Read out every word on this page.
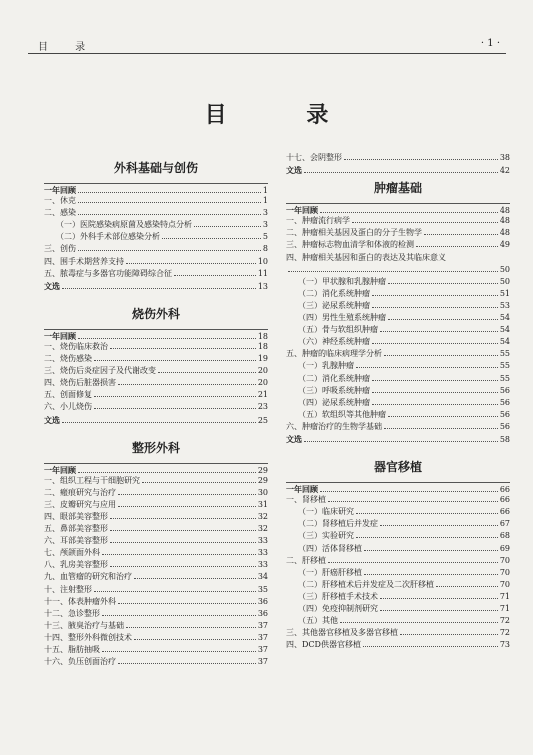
目 录	· 1 ·
目 录
外科基础与创伤
一年回顾	1
一、休克	1
二、感染	3
（一）医院感染病原菌及感染特点分析	3
（二）外科手术部位感染分析	5
三、创伤	8
四、围手术期营养支持	10
五、脓毒症与多器官功能障碍综合征	11
文选	13
烧伤外科
一年回顾	18
一、烧伤临床救治	18
二、烧伤感染	19
三、烧伤后炎症因子及代谢改变	20
四、烧伤后脏器损害	20
五、创面修复	21
六、小儿烧伤	23
文选	25
整形外科
一年回顾	29
一、组织工程与干细胞研究	29
二、瘢痕研究与治疗	30
三、皮瓣研究与应用	31
四、眼部美容整形	32
五、鼻部美容整形	32
六、耳部美容整形	33
七、颅颌面外科	33
八、乳房美容整形	33
九、血管瘤的研究和治疗	34
十、注射整形	35
十一、体表肿瘤外科	36
十二、急诊整形	36
十三、腋臭治疗与基础	37
十四、整形外科微创技术	37
十五、脂肪抽吸	37
十六、负压创面治疗	37
十七、会阴整形	38
文选	42
肿瘤基础
一年回顾	48
一、肿瘤流行病学	48
二、肿瘤相关基因及蛋白的分子生物学	48
三、肿瘤标志物血清学和体液的检测	49
四、肿瘤相关基因和蛋白的表达及其临床意义
50
（一）甲状腺和乳腺肿瘤	50
（二）消化系统肿瘤	51
（三）泌尿系统肿瘤	53
（四）男性生殖系统肿瘤	54
（五）骨与软组织肿瘤	54
（六）神经系统肿瘤	54
五、肿瘤的临床病理学分析	55
（一）乳腺肿瘤	55
（二）消化系统肿瘤	55
（三）呼吸系统肿瘤	56
（四）泌尿系统肿瘤	56
（五）软组织等其他肿瘤	56
六、肿瘤治疗的生物学基础	56
文选	58
器官移植
一年回顾	66
一、肾移植	66
（一）临床研究	66
（二）肾移植后并发症	67
（三）实验研究	68
（四）活体肾移植	69
二、肝移植	70
（一）肝癌肝移植	70
（二）肝移植术后并发症及二次肝移植	70
（三）肝移植手术技术	71
（四）免疫抑制剂研究	71
（五）其他	72
三、其他器官移植及多器官移植	72
四、DCD供器官移植	73
